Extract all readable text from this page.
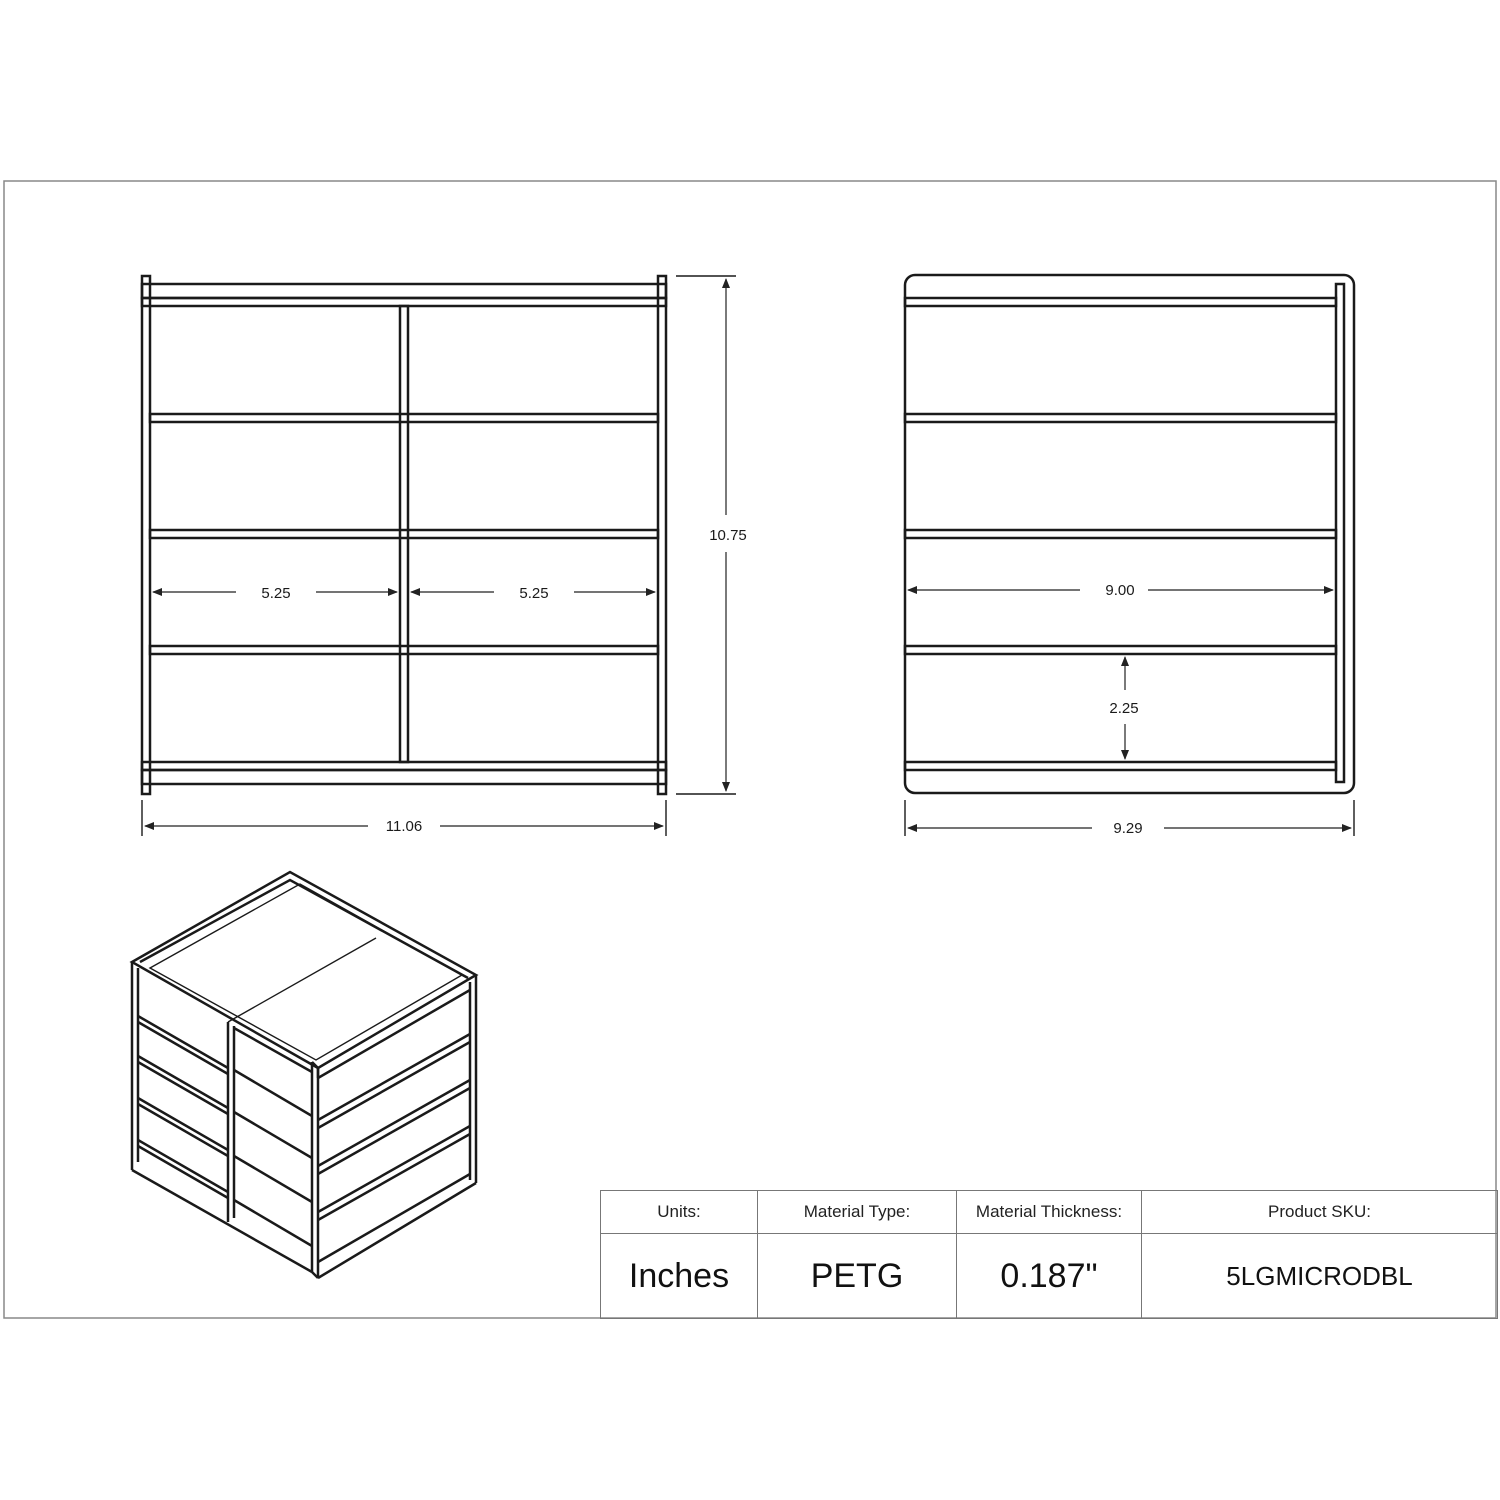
5.25	5.25
10.75
11.06
9.00
2.25
9.29
Units:	Material Type:	Material Thickness:	Product SKU:
Inches	PETG	0.187"	5LGMICRODBL
